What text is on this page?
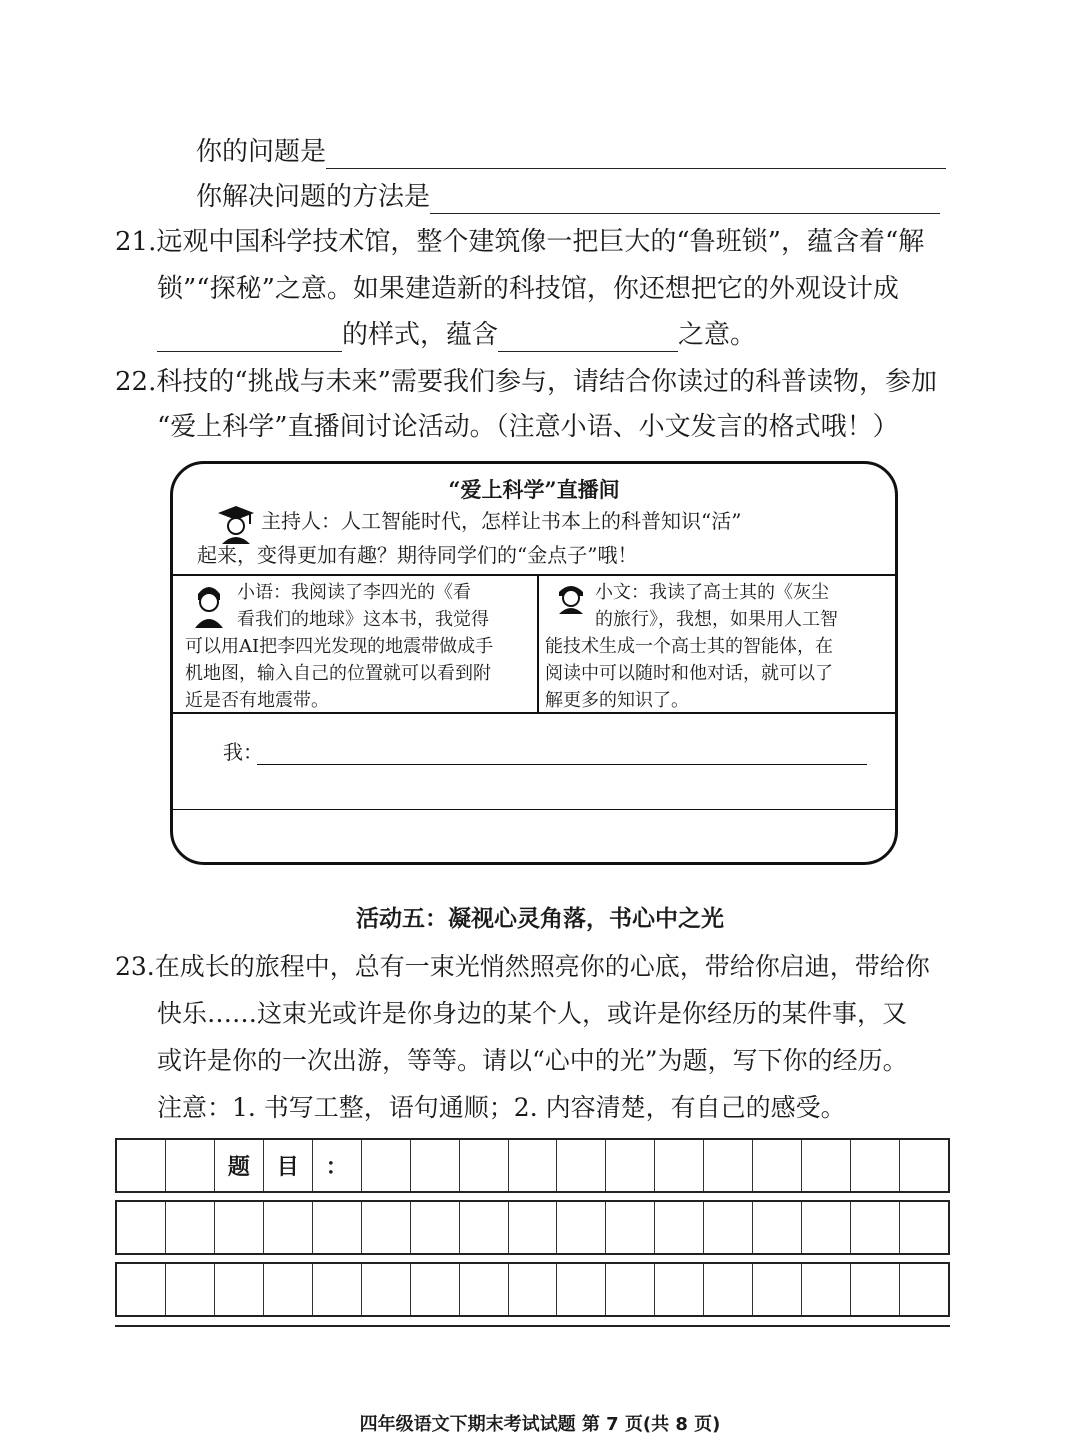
你的问题是
你解决问题的方法是
21.远观中国科学技术馆，整个建筑像一把巨大的“鲁班锁”，蕴含着“解
锁”“探秘”之意。如果建造新的科技馆，你还想把它的外观设计成
的样式，蕴含	之意。
22.科技的“挑战与未来”需要我们参与，请结合你读过的科普读物，参加
“爱上科学”直播间讨论活动。（注意小语、小文发言的格式哦！）
“爱上科学”直播间
主持人：人工智能时代，怎样让书本上的科普知识“活”
起来，变得更加有趣？期待同学们的“金点子”哦！
小语：我阅读了李四光的《看
看我们的地球》这本书，我觉得
可以用AI把李四光发现的地震带做成手
机地图，输入自己的位置就可以看到附
近是否有地震带。
小文：我读了高士其的《灰尘
的旅行》，我想，如果用人工智
能技术生成一个高士其的智能体，在
阅读中可以随时和他对话，就可以了
解更多的知识了。
我：
活动五：凝视心灵角落，书心中之光
23.在成长的旅程中，总有一束光悄然照亮你的心底，带给你启迪，带给你
快乐……这束光或许是你身边的某个人，或许是你经历的某件事，又
或许是你的一次出游，等等。请以“心中的光”为题，写下你的经历。
注意：1. 书写工整，语句通顺；2. 内容清楚，有自己的感受。
题	目	：
四年级语文下期末考试试题 第 7 页(共 8 页)
